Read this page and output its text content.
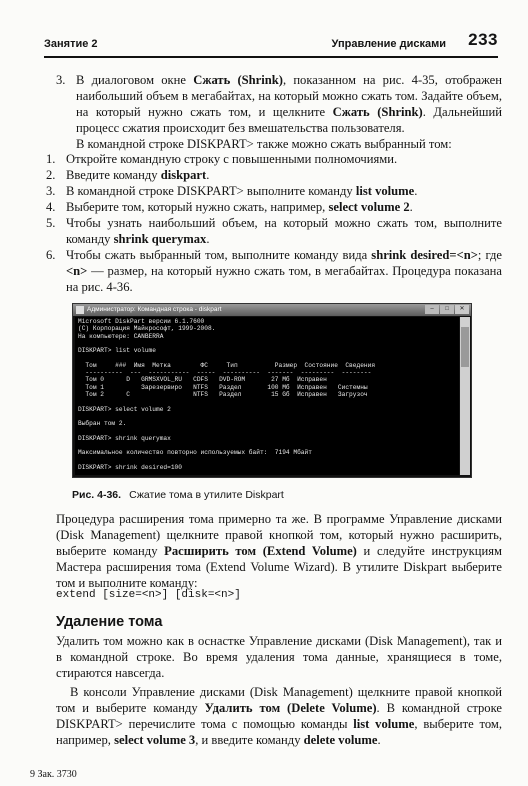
Занятие 2	Управление дисками 233
3. В диалоговом окне Сжать (Shrink), показанном на рис. 4-35, отображен наибольший объем в мегабайтах, на который можно сжать том. Задайте объем, на который нужно сжать том, и щелкните Сжать (Shrink). Дальнейший процесс сжатия происходит без вмешательства пользователя.
В командной строке DISKPART> также можно сжать выбранный том:
1. Откройте командную строку с повышенными полномочиями.
2. Введите команду diskpart.
3. В командной строке DISKPART> выполните команду list volume.
4. Выберите том, который нужно сжать, например, select volume 2.
5. Чтобы узнать наибольший объем, на который можно сжать том, выполните команду shrink querymax.
6. Чтобы сжать выбранный том, выполните команду вида shrink desired=<n>; где <n> — размер, на который нужно сжать том, в мегабайтах. Процедура показана на рис. 4-36.
Администратор: Командная строка - diskpart	–	□	✕
Microsoft DiskPart версии 6.1.7600
(C) Корпорация Майкрософт, 1999-2008.
На компьютере: CANBERRA

DISKPART> list volume

Том     ###  Имя  Метка        ФС     Тип          Размер  Состояние  Сведения
----------  ---  -----------  -----  ----------  -------  ---------  --------
Том 0      D   GRMSXVOL_RU   CDFS   DVD-ROM       27 Мб  Исправен
Том 1          Зарезервиро   NTFS   Раздел       100 Мб  Исправен   Системны
Том 2      C                 NTFS   Раздел        15 Gб  Исправен   Загрузоч

DISKPART> select volume 2

Выбран том 2.

DISKPART> shrink querymax

Максимальное количество повторно используемых байт:  7194 Мбайт

DISKPART> shrink desired=100

Рис. 4-36. Сжатие тома в утилите Diskpart
Процедура расширения тома примерно та же. В программе Управление дисками (Disk Management) щелкните правой кнопкой том, который нужно расширить, выберите команду Расширить том (Extend Volume) и следуйте инструкциям Мастера расширения тома (Extend Volume Wizard). В утилите Diskpart выберите том и выполните команду:
extend [size=<n>] [disk=<n>]
Удаление тома
Удалить том можно как в оснастке Управление дисками (Disk Management), так и в командной строке. Во время удаления тома данные, хранящиеся в томе, стираются навсегда.
В консоли Управление дисками (Disk Management) щелкните правой кнопкой том и выберите команду Удалить том (Delete Volume). В командной строке DISKPART> перечислите тома с помощью команды list volume, выберите том, например, select volume 3, и введите команду delete volume.
9 Зак. 3730
